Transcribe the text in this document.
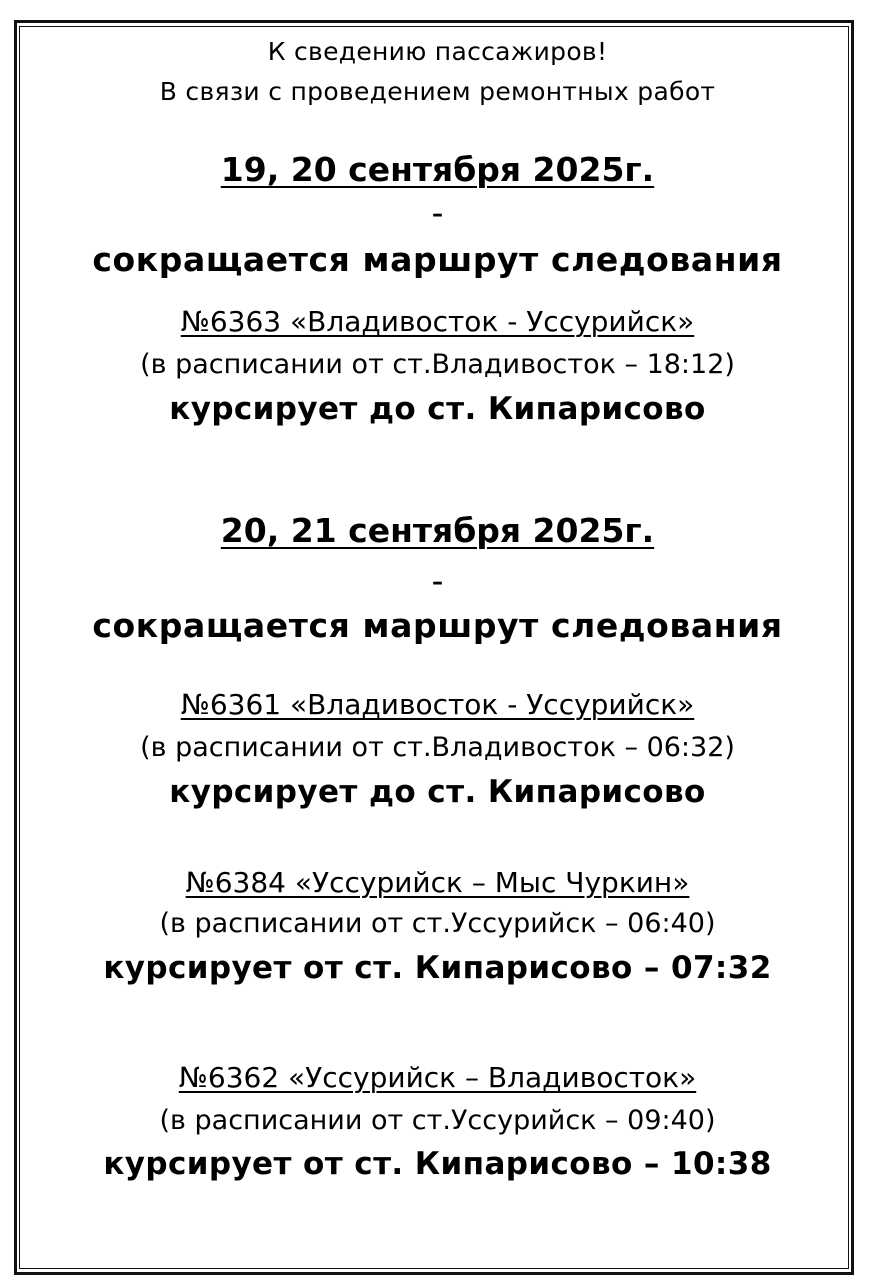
К сведению пассажиров!
В связи с проведением ремонтных работ
19, 20 сентября 2025г.
–
сокращается маршрут следования
№6363 «Владивосток - Уссурийск»
(в расписании от ст.Владивосток – 18:12)
курсирует до ст. Кипарисово
20, 21 сентября 2025г.
–
сокращается маршрут следования
№6361 «Владивосток - Уссурийск»
(в расписании от ст.Владивосток – 06:32)
курсирует до ст. Кипарисово
№6384 «Уссурийск – Мыс Чуркин»
(в расписании от ст.Уссурийск – 06:40)
курсирует от ст. Кипарисово – 07:32
№6362 «Уссурийск – Владивосток»
(в расписании от ст.Уссурийск – 09:40)
курсирует от ст. Кипарисово – 10:38
